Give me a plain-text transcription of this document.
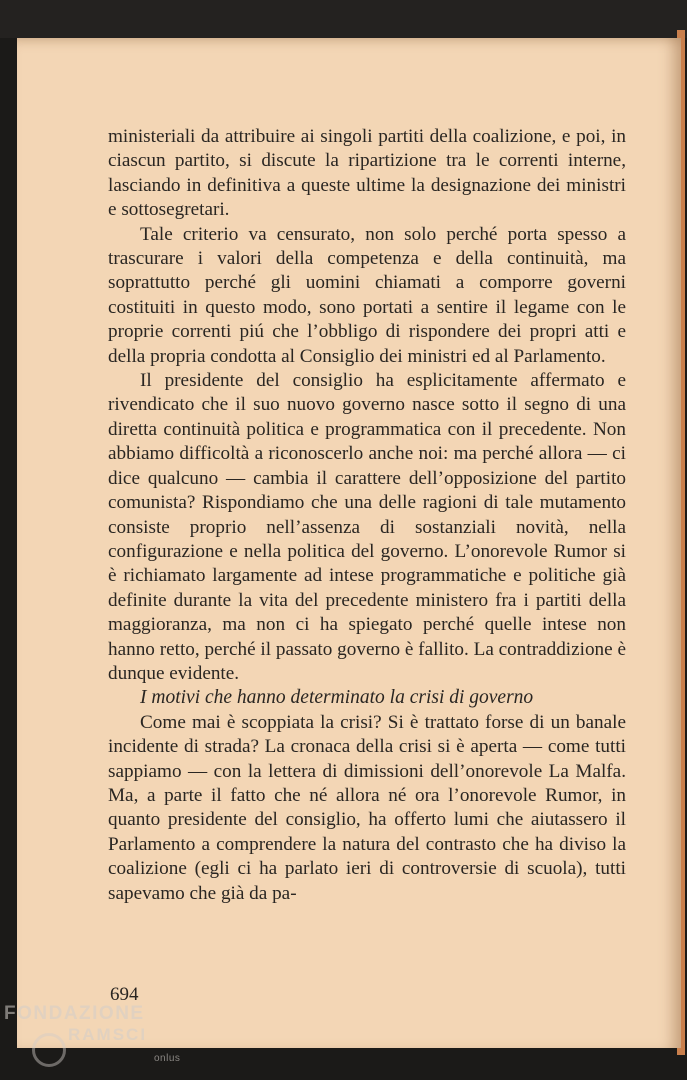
ministeriali da attribuire ai singoli partiti della coalizione, e poi, in ciascun partito, si discute la ripartizione tra le correnti interne, lasciando in definitiva a queste ultime la designazione dei ministri e sottosegretari.

Tale criterio va censurato, non solo perché porta spesso a trascurare i valori della competenza e della continuità, ma soprattutto perché gli uomini chiamati a comporre governi costituiti in questo modo, sono portati a sentire il legame con le proprie correnti piú che l’obbligo di rispondere dei propri atti e della propria condotta al Consiglio dei ministri ed al Parlamento.

Il presidente del consiglio ha esplicitamente affermato e rivendicato che il suo nuovo governo nasce sotto il segno di una diretta continuità politica e programmatica con il precedente. Non abbiamo difficoltà a riconoscerlo anche noi: ma perché allora — ci dice qualcuno — cambia il carattere dell’opposizione del partito comunista? Rispondiamo che una delle ragioni di tale mutamento consiste proprio nell’assenza di sostanziali novità, nella configurazione e nella politica del governo. L’onorevole Rumor si è richiamato largamente ad intese programmatiche e politiche già definite durante la vita del precedente ministero fra i partiti della maggioranza, ma non ci ha spiegato perché quelle intese non hanno retto, perché il passato governo è fallito. La contraddizione è dunque evidente.

I motivi che hanno determinato la crisi di governo

Come mai è scoppiata la crisi? Si è trattato forse di un banale incidente di strada? La cronaca della crisi si è aperta — come tutti sappiamo — con la lettera di dimissioni dell’onorevole La Malfa. Ma, a parte il fatto che né allora né ora l’onorevole Rumor, in quanto presidente del consiglio, ha offerto lumi che aiutassero il Parlamento a comprendere la natura del contrasto che ha diviso la coalizione (egli ci ha parlato ieri di controversie di scuola), tutti sapevamo che già da pa-

694
FONDAZIONE
RAMSCI
onlus
